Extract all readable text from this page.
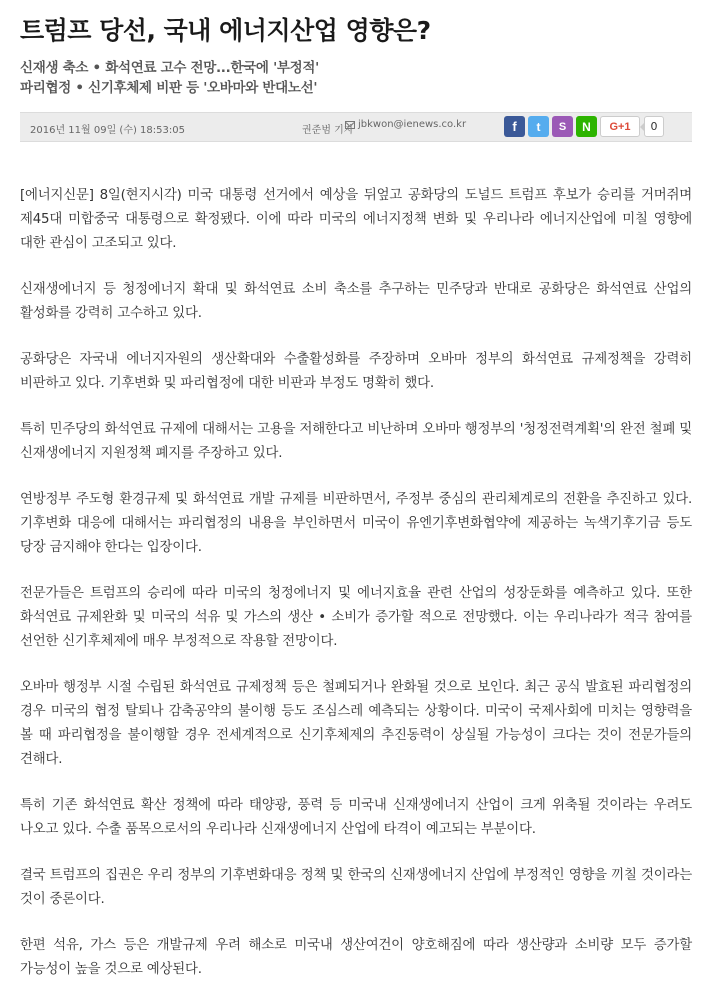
트럼프 당선, 국내 에너지산업 영향은?
신재생 축소 • 화석연료 고수 전망...한국에 '부정적'
파리협정 • 신기후체제 비판 등 '오바마와 반대노선'
2016년 11월 09일 (수) 18:53:05	권준범 기자
jbkwon@ienews.co.kr	f t S N G+1	0

[에너지신문] 8일(현지시각) 미국 대통령 선거에서 예상을 뒤엎고 공화당의 도널드 트럼프 후보가 승리를 거머쥐며 제45대 미합중국 대통령으로 확정됐다. 이에 따라 미국의 에너지정책 변화 및 우리나라 에너지산업에 미칠 영향에 대한 관심이 고조되고 있다.

신재생에너지 등 청정에너지 확대 및 화석연료 소비 축소를 추구하는 민주당과 반대로 공화당은 화석연료 산업의 활성화를 강력히 고수하고 있다.

공화당은 자국내 에너지자원의 생산확대와 수출활성화를 주장하며 오바마 정부의 화석연료 규제정책을 강력히 비판하고 있다. 기후변화 및 파리협정에 대한 비판과 부정도 명확히 했다.

특히 민주당의 화석연료 규제에 대해서는 고용을 저해한다고 비난하며 오바마 행정부의 '청정전력계획'의 완전 철폐 및 신재생에너지 지원정책 폐지를 주장하고 있다.

연방정부 주도형 환경규제 및 화석연료 개발 규제를 비판하면서, 주정부 중심의 관리체계로의 전환을 추진하고 있다. 기후변화 대응에 대해서는 파리협정의 내용을 부인하면서 미국이 유엔기후변화협약에 제공하는 녹색기후기금 등도 당장 금지해야 한다는 입장이다.

전문가들은 트럼프의 승리에 따라 미국의 청정에너지 및 에너지효율 관련 산업의 성장둔화를 예측하고 있다. 또한 화석연료 규제완화 및 미국의 석유 및 가스의 생산 • 소비가 증가할 적으로 전망했다. 이는 우리나라가 적극 참여를 선언한 신기후체제에 매우 부정적으로 작용할 전망이다.

오바마 행정부 시절 수립된 화석연료 규제정책 등은 철폐되거나 완화될 것으로 보인다. 최근 공식 발효된 파리협정의 경우 미국의 협정 탈퇴나 감축공약의 불이행 등도 조심스레 예측되는 상황이다. 미국이 국제사회에 미치는 영향력을 볼 때 파리협정을 불이행할 경우 전세계적으로 신기후체제의 추진동력이 상실될 가능성이 크다는 것이 전문가들의 견해다.

특히 기존 화석연료 확산 정책에 따라 태양광, 풍력 등 미국내 신재생에너지 산업이 크게 위축될 것이라는 우려도 나오고 있다. 수출 품목으로서의 우리나라 신재생에너지 산업에 타격이 예고되는 부분이다.

결국 트럼프의 집권은 우리 정부의 기후변화대응 정책 및 한국의 신재생에너지 산업에 부정적인 영향을 끼칠 것이라는 것이 중론이다.

한편 석유, 가스 등은 개발규제 우려 해소로 미국내 생산여건이 양호해짐에 따라 생산량과 소비량 모두 증가할 가능성이 높을 것으로 예상된다.
